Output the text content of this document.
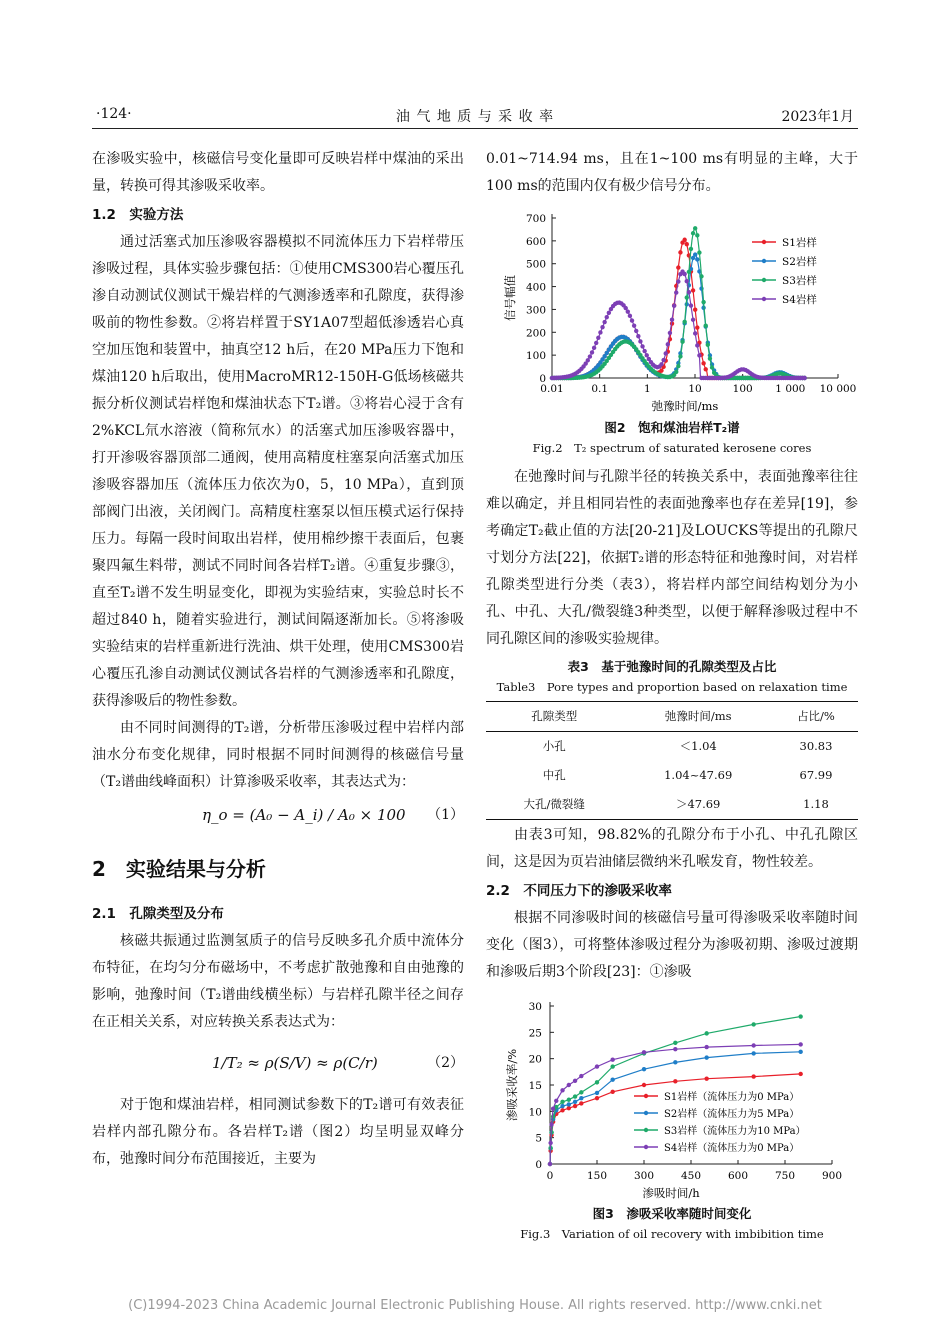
·124·	油 气 地 质 与 采 收 率	2023年1月

在渗吸实验中，核磁信号变化量即可反映岩样中煤油的采出量，转换可得其渗吸采收率。

1.2　实验方法

通过活塞式加压渗吸容器模拟不同流体压力下岩样带压渗吸过程，具体实验步骤包括：①使用CMS300岩心覆压孔渗自动测试仪测试干燥岩样的气测渗透率和孔隙度，获得渗吸前的物性参数。②将岩样置于SY1A07型超低渗透岩心真空加压饱和装置中，抽真空12 h后，在20 MPa压力下饱和煤油120 h后取出，使用MacroMR12-150H-G低场核磁共振分析仪测试岩样饱和煤油状态下T₂谱。③将岩心浸于含有2%KCL氘水溶液（简称氘水）的活塞式加压渗吸容器中，打开渗吸容器顶部二通阀，使用高精度柱塞泵向活塞式加压渗吸容器加压（流体压力依次为0，5，10 MPa），直到顶部阀门出液，关闭阀门。高精度柱塞泵以恒压模式运行保持压力。每隔一段时间取出岩样，使用棉纱擦干表面后，包裹聚四氟生料带，测试不同时间各岩样T₂谱。④重复步骤③，直至T₂谱不发生明显变化，即视为实验结束，实验总时长不超过840 h，随着实验进行，测试间隔逐渐加长。⑤将渗吸实验结束的岩样重新进行洗油、烘干处理，使用CMS300岩心覆压孔渗自动测试仪测试各岩样的气测渗透率和孔隙度，获得渗吸后的物性参数。

由不同时间测得的T₂谱，分析带压渗吸过程中岩样内部油水分布变化规律，同时根据不同时间测得的核磁信号量（T₂谱曲线峰面积）计算渗吸采收率，其表达式为：

η_o = (A₀ − A_i) / A₀ × 100 （1）
2　实验结果与分析
2.1　孔隙类型及分布

核磁共振通过监测氢质子的信号反映多孔介质中流体分布特征，在均匀分布磁场中，不考虑扩散弛豫和自由弛豫的影响，弛豫时间（T₂谱曲线横坐标）与岩样孔隙半径之间存在正相关关系，对应转换关系表达式为：

1/T₂ ≈ ρ(S/V) ≈ ρ(C/r)	（2）

对于饱和煤油岩样，相同测试参数下的T₂谱可有效表征岩样内部孔隙分布。各岩样T₂谱（图2）均呈明显双峰分布，弛豫时间分布范围接近，主要为

0.01~714.94 ms，且在1~100 ms有明显的主峰，大于100 ms的范围内仅有极少信号分布。

0
100
200
300
400
500
600
700
0.01	0.1	1	10	100 1 000 10 000
弛豫时间/ms
信号幅值
S1岩样
S2岩样
S3岩样
S4岩样
图2　饱和煤油岩样T₂谱
Fig.2　T₂ spectrum of saturated kerosene cores

在弛豫时间与孔隙半径的转换关系中，表面弛豫率往往难以确定，并且相同岩性的表面弛豫率也存在差异[19]，参考确定T₂截止值的方法[20-21]及LOUCKS等提出的孔隙尺寸划分方法[22]，依据T₂谱的形态特征和弛豫时间，对岩样孔隙类型进行分类（表3），将岩样内部空间结构划分为小孔、中孔、大孔/微裂缝3种类型，以便于解释渗吸过程中不同孔隙区间的渗吸实验规律。

表3　基于弛豫时间的孔隙类型及占比
Table3　Pore types and proportion based on relaxation time
孔隙类型	弛豫时间/ms	占比/%
小孔	＜1.04	30.83
中孔	1.04~47.69	67.99
大孔/微裂缝	＞47.69	1.18

由表3可知，98.82%的孔隙分布于小孔、中孔孔隙区间，这是因为页岩油储层微纳米孔喉发育，物性较差。

2.2　不同压力下的渗吸采收率

根据不同渗吸时间的核磁信号量可得渗吸采收率随时间变化（图3），可将整体渗吸过程分为渗吸初期、渗吸过渡期和渗吸后期3个阶段[23]：①渗吸

0
5
10
15
20
25
30
0	150	300	450	600	750	900
渗吸时间/h
渗吸采收率/%	S1岩样（流体压力为0 MPa）
S2岩样（流体压力为5 MPa）
S3岩样（流体压力为10 MPa）
S4岩样（流体压力为0 MPa）
图3　渗吸采收率随时间变化
Fig.3　Variation of oil recovery with imbibition time
(C)1994-2023 China Academic Journal Electronic Publishing House. All rights reserved. http://www.cnki.net
